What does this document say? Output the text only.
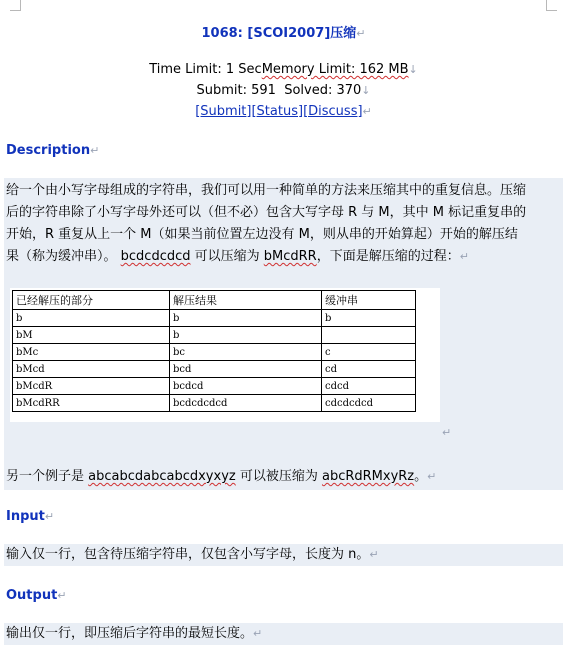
1068: [SCOI2007]压缩↵
Time Limit: 1 SecMemory Limit: 162 MB↓
Submit: 591 Solved: 370↓
[Submit][Status][Discuss]↵
Description↵
给一个由小写字母组成的字符串，我们可以用一种简单的方法来压缩其中的重复信息。压缩
后的字符串除了小写字母外还可以（但不必）包含大写字母 R 与 M，其中 M 标记重复串的
开始，R 重复从上一个 M（如果当前位置左边没有 M，则从串的开始算起）开始的解压结
果（称为缓冲串）。 bcdcdcdcd 可以压缩为 bMcdRR，下面是解压缩的过程：↵
已经解压的部分	解压结果	缓冲串
b	b	b
bM	b	
bMc	bc	c
bMcd	bcd	cd
bMcdR	bcdcd	cdcd
bMcdRR	bcdcdcdcd	cdcdcdcd
↵
另一个例子是 abcabcdabcabcdxyxyz 可以被压缩为 abcRdRMxyRz。↵
Input↵
输入仅一行，包含待压缩字符串，仅包含小写字母，长度为 n。↵
Output↵
输出仅一行，即压缩后字符串的最短长度。↵
